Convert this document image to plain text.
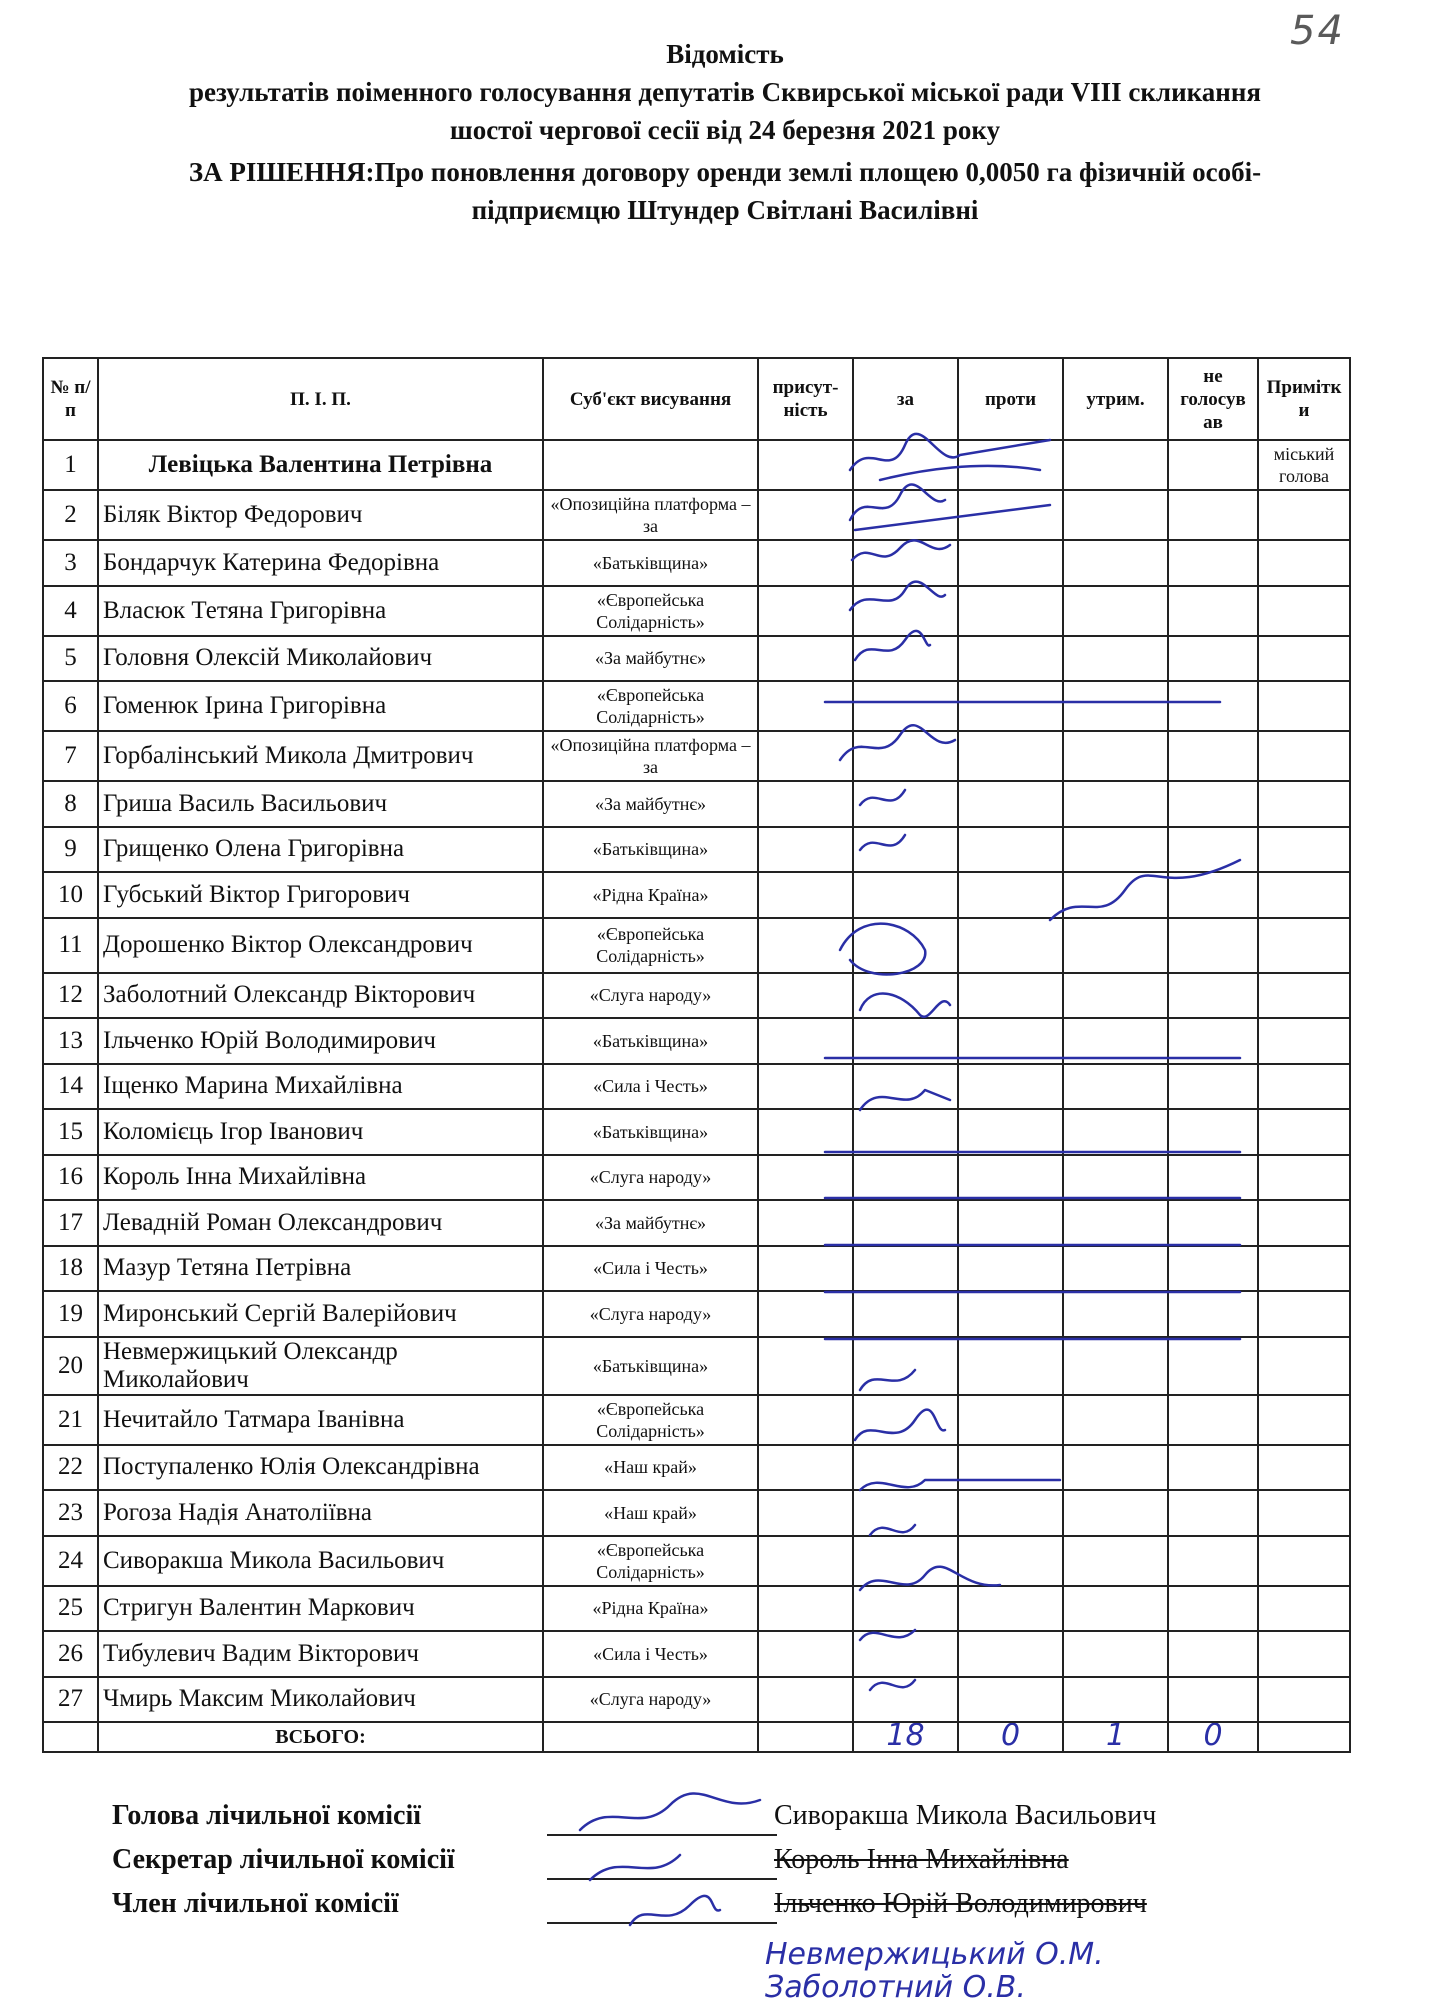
54
Відомість
результатів поіменного голосування депутатів Сквирської міської ради VIII скликання
шостої чергової сесії від 24 березня 2021 року
ЗА РІШЕННЯ:Про поновлення договору оренди землі площею 0,0050 га фізичній особі-
підприємцю Штундер Світлані Василівні
№ п/п	П. І. П.	Суб'єкт висування	присут-ність	за	проти	утрим.	не голосув ав	Примітк и
1	Левіцька Валентина Петрівна							міський голова
2	Біляк Віктор Федорович	«Опозиційна платформа – за						
3	Бондарчук Катерина Федорівна	«Батьківщина»						
4	Власюк Тетяна Григорівна	«Європейська Солідарність»						
5	Головня Олексій Миколайович	«За майбутнє»						
6	Гоменюк Ірина Григорівна	«Європейська Солідарність»						
7	Горбалінський Микола Дмитрович	«Опозиційна платформа – за						
8	Гриша Василь Васильович	«За майбутнє»						
9	Грищенко Олена Григорівна	«Батьківщина»						
10	Губський Віктор Григорович	«Рідна Країна»						
11	Дорошенко Віктор Олександрович	«Європейська Солідарність»						
12	Заболотний Олександр Вікторович	«Слуга народу»						
13	Ільченко Юрій Володимирович	«Батьківщина»						
14	Іщенко Марина Михайлівна	«Сила і Честь»						
15	Коломієць Ігор Іванович	«Батьківщина»						
16	Король Інна Михайлівна	«Слуга народу»						
17	Левадній Роман Олександрович	«За майбутнє»						
18	Мазур Тетяна Петрівна	«Сила і Честь»						
19	Миронський Сергій Валерійович	«Слуга народу»						
20	Невмержицький Олександр Миколайович	«Батьківщина»						
21	Нечитайло Татмара Іванівна	«Європейська Солідарність»						
22	Поступаленко Юлія Олександрівна	«Наш край»						
23	Рогоза Надія Анатоліївна	«Наш край»						
24	Сиворакша Микола Васильович	«Європейська Солідарність»						
25	Стригун Валентин Маркович	«Рідна Країна»						
26	Тибулевич Вадим Вікторович	«Сила і Честь»						
27	Чмирь Максим Миколайович	«Слуга народу»						
	ВСЬОГО:			18	0	1	0	
Голова лічильної комісії	Сиворакша Микола Васильович
Секретар лічильної комісії	Король Інна Михайлівна
Член лічильної комісії	Ільченко Юрій Володимирович
Невмержицький О.М.
Заболотний О.В.
